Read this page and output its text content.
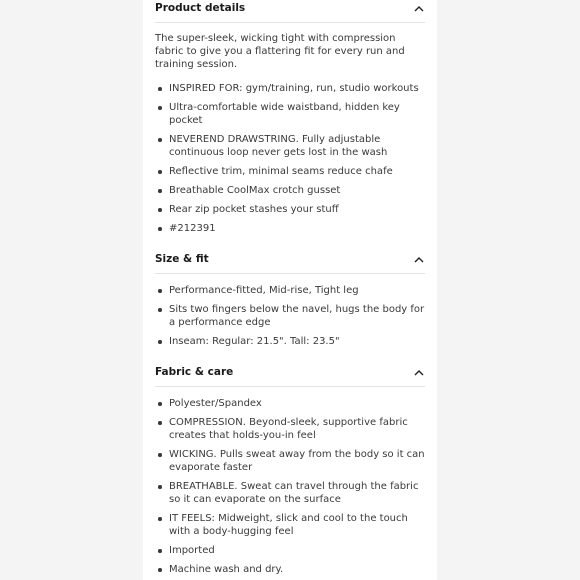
Product details

The super-sleek, wicking tight with compression fabric to give you a flattering fit for every run and training session.

INSPIRED FOR: gym/training, run, studio workouts
Ultra-comfortable wide waistband, hidden key pocket
NEVEREND DRAWSTRING. Fully adjustable continuous loop never gets lost in the wash
Reflective trim, minimal seams reduce chafe
Breathable CoolMax crotch gusset
Rear zip pocket stashes your stuff
#212391
Size & fit
Performance-fitted, Mid-rise, Tight leg
Sits two fingers below the navel, hugs the body for a performance edge
Inseam: Regular: 21.5". Tall: 23.5"
Fabric & care
Polyester/Spandex
COMPRESSION. Beyond-sleek, supportive fabric creates that holds-you-in feel
WICKING. Pulls sweat away from the body so it can evaporate faster
BREATHABLE. Sweat can travel through the fabric so it can evaporate on the surface
IT FEELS: Midweight, slick and cool to the touch with a body-hugging feel
Imported
Machine wash and dry.
